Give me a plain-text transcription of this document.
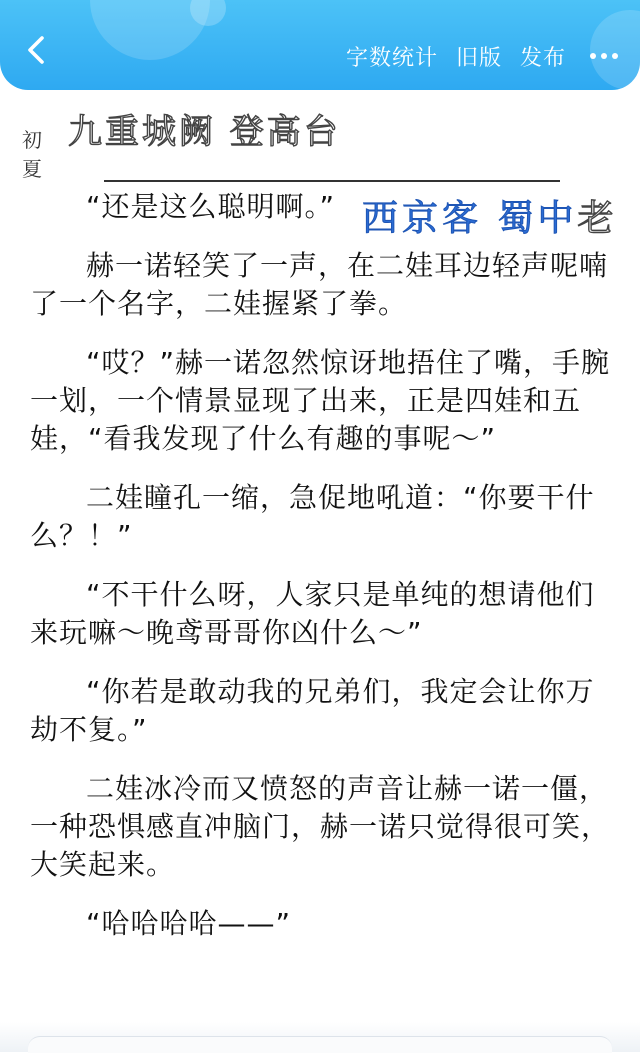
字数统计 旧版 发布
初夏
九重城阙 登高台

“还是这么聪明啊。”

赫一诺轻笑了一声，在二娃耳边轻声呢喃了一个名字，二娃握紧了拳。

“哎？”赫一诺忽然惊讶地捂住了嘴，手腕一划，一个情景显现了出来，正是四娃和五娃，“看我发现了什么有趣的事呢～”

二娃瞳孔一缩，急促地吼道：“你要干什么？！”

“不干什么呀，人家只是单纯的想请他们来玩嘛～晚鸢哥哥你凶什么～”

“你若是敢动我的兄弟们，我定会让你万劫不复。”

二娃冰冷而又愤怒的声音让赫一诺一僵，一种恐惧感直冲脑门，赫一诺只觉得很可笑，大笑起来。

“哈哈哈哈——”

西京客 蜀中老
